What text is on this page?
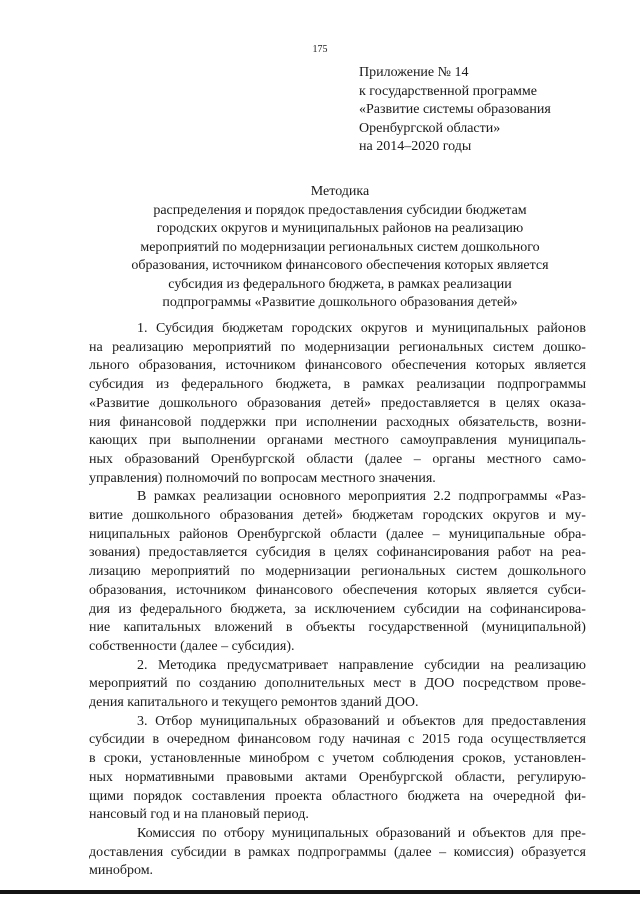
175
Приложение № 14
к государственной программе
«Развитие системы образования
Оренбургской области»
на 2014–2020 годы
Методика
распределения и порядок предоставления субсидии бюджетам
городских округов и муниципальных районов на реализацию
мероприятий по модернизации региональных систем дошкольного
образования, источником финансового обеспечения которых является
субсидия из федерального бюджета, в рамках реализации
подпрограммы «Развитие дошкольного образования детей»
1. Субсидия бюджетам городских округов и муниципальных районов
на реализацию мероприятий по модернизации региональных систем дошко-
льного образования, источником финансового обеспечения которых является
субсидия из федерального бюджета, в рамках реализации подпрограммы
«Развитие дошкольного образования детей» предоставляется в целях оказа-
ния финансовой поддержки при исполнении расходных обязательств, возни-
кающих при выполнении органами местного самоуправления муниципаль-
ных образований Оренбургской области (далее – органы местного само-
управления) полномочий по вопросам местного значения.
В рамках реализации основного мероприятия 2.2 подпрограммы «Раз-
витие дошкольного образования детей» бюджетам городских округов и му-
ниципальных районов Оренбургской области (далее – муниципальные обра-
зования) предоставляется субсидия в целях софинансирования работ на реа-
лизацию мероприятий по модернизации региональных систем дошкольного
образования, источником финансового обеспечения которых является субси-
дия из федерального бюджета, за исключением субсидии на софинансирова-
ние капитальных вложений в объекты государственной (муниципальной)
собственности (далее – субсидия).
2. Методика предусматривает направление субсидии на реализацию
мероприятий по созданию дополнительных мест в ДОО посредством прове-
дения капитального и текущего ремонтов зданий ДОО.
3. Отбор муниципальных образований и объектов для предоставления
субсидии в очередном финансовом году начиная с 2015 года осуществляется
в сроки, установленные минобром с учетом соблюдения сроков, установлен-
ных нормативными правовыми актами Оренбургской области, регулирую-
щими порядок составления проекта областного бюджета на очередной фи-
нансовый год и на плановый период.
Комиссия по отбору муниципальных образований и объектов для пре-
доставления субсидии в рамках подпрограммы (далее – комиссия) образуется
минобром.
